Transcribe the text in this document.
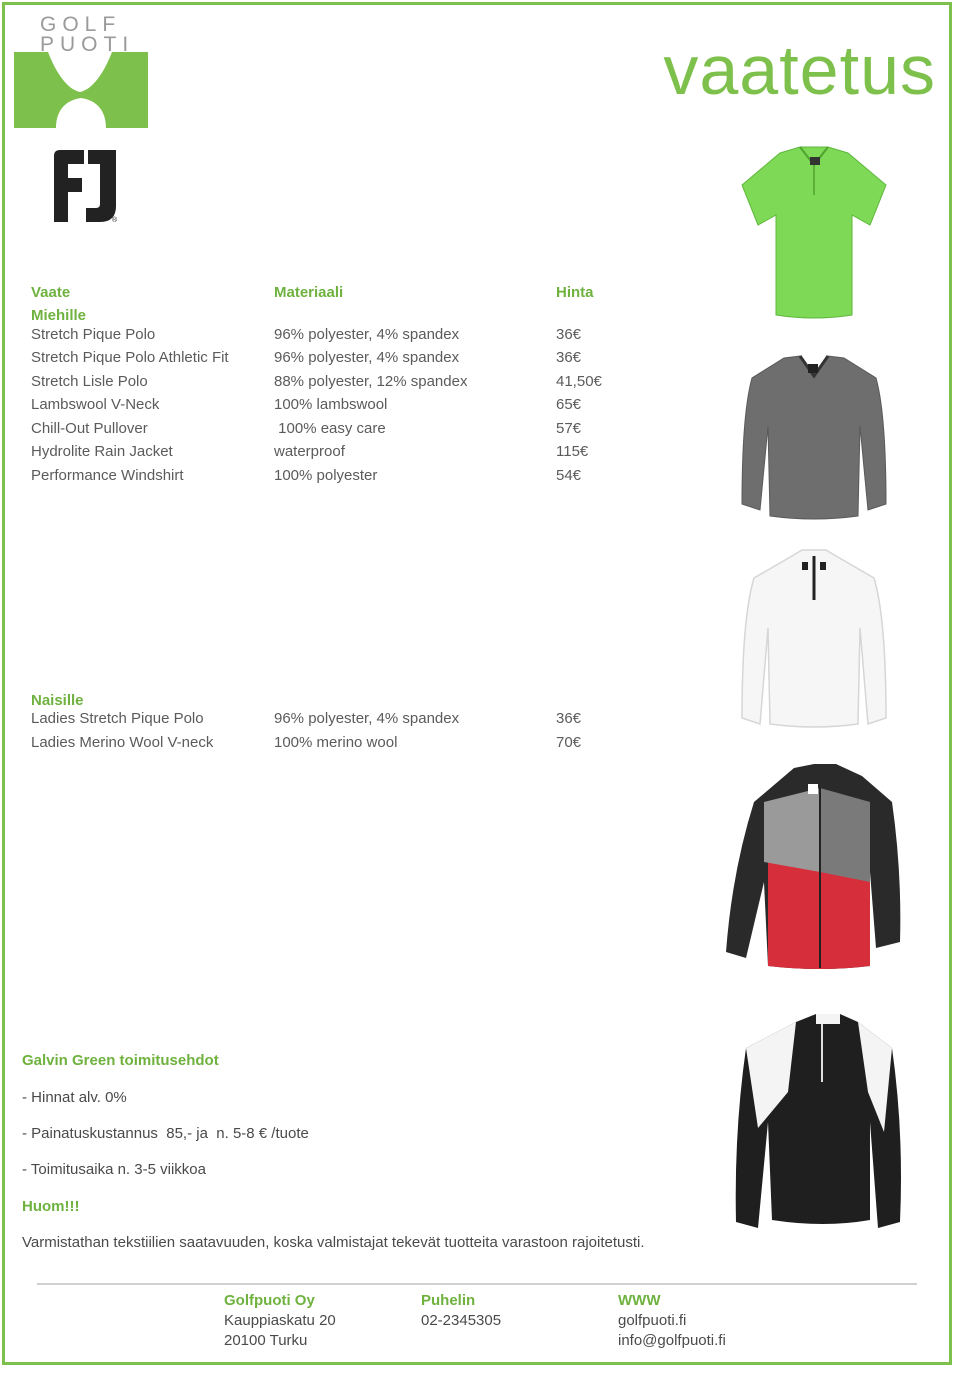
GOLF
PUOTI
®
vaatetus
Vaate	Materiaali	Hinta
Miehille
Stretch Pique Polo	96% polyester, 4% spandex	36€
Stretch Pique Polo Athletic Fit	96% polyester, 4% spandex	36€
Stretch Lisle Polo	88% polyester, 12% spandex	41,50€
Lambswool V-Neck	100% lambswool	65€
Chill-Out Pullover	100% easy care	57€
Hydrolite Rain Jacket	waterproof	115€
Performance Windshirt	100% polyester	54€
Naisille
Ladies Stretch Pique Polo	96% polyester, 4% spandex	36€
Ladies Merino Wool V-neck	100% merino wool	70€
Galvin Green toimitusehdot
- Hinnat alv. 0%
- Painatuskustannus  85,- ja  n. 5-8 € /tuote
- Toimitusaika n. 3-5 viikkoa
Huom!!!
Varmistathan tekstiilien saatavuuden, koska valmistajat tekevät tuotteita varastoon rajoitetusti.
Golfpuoti Oy
Kauppiaskatu 20
20100 Turku
Puhelin
02-2345305
WWW
golfpuoti.fi
info@golfpuoti.fi
